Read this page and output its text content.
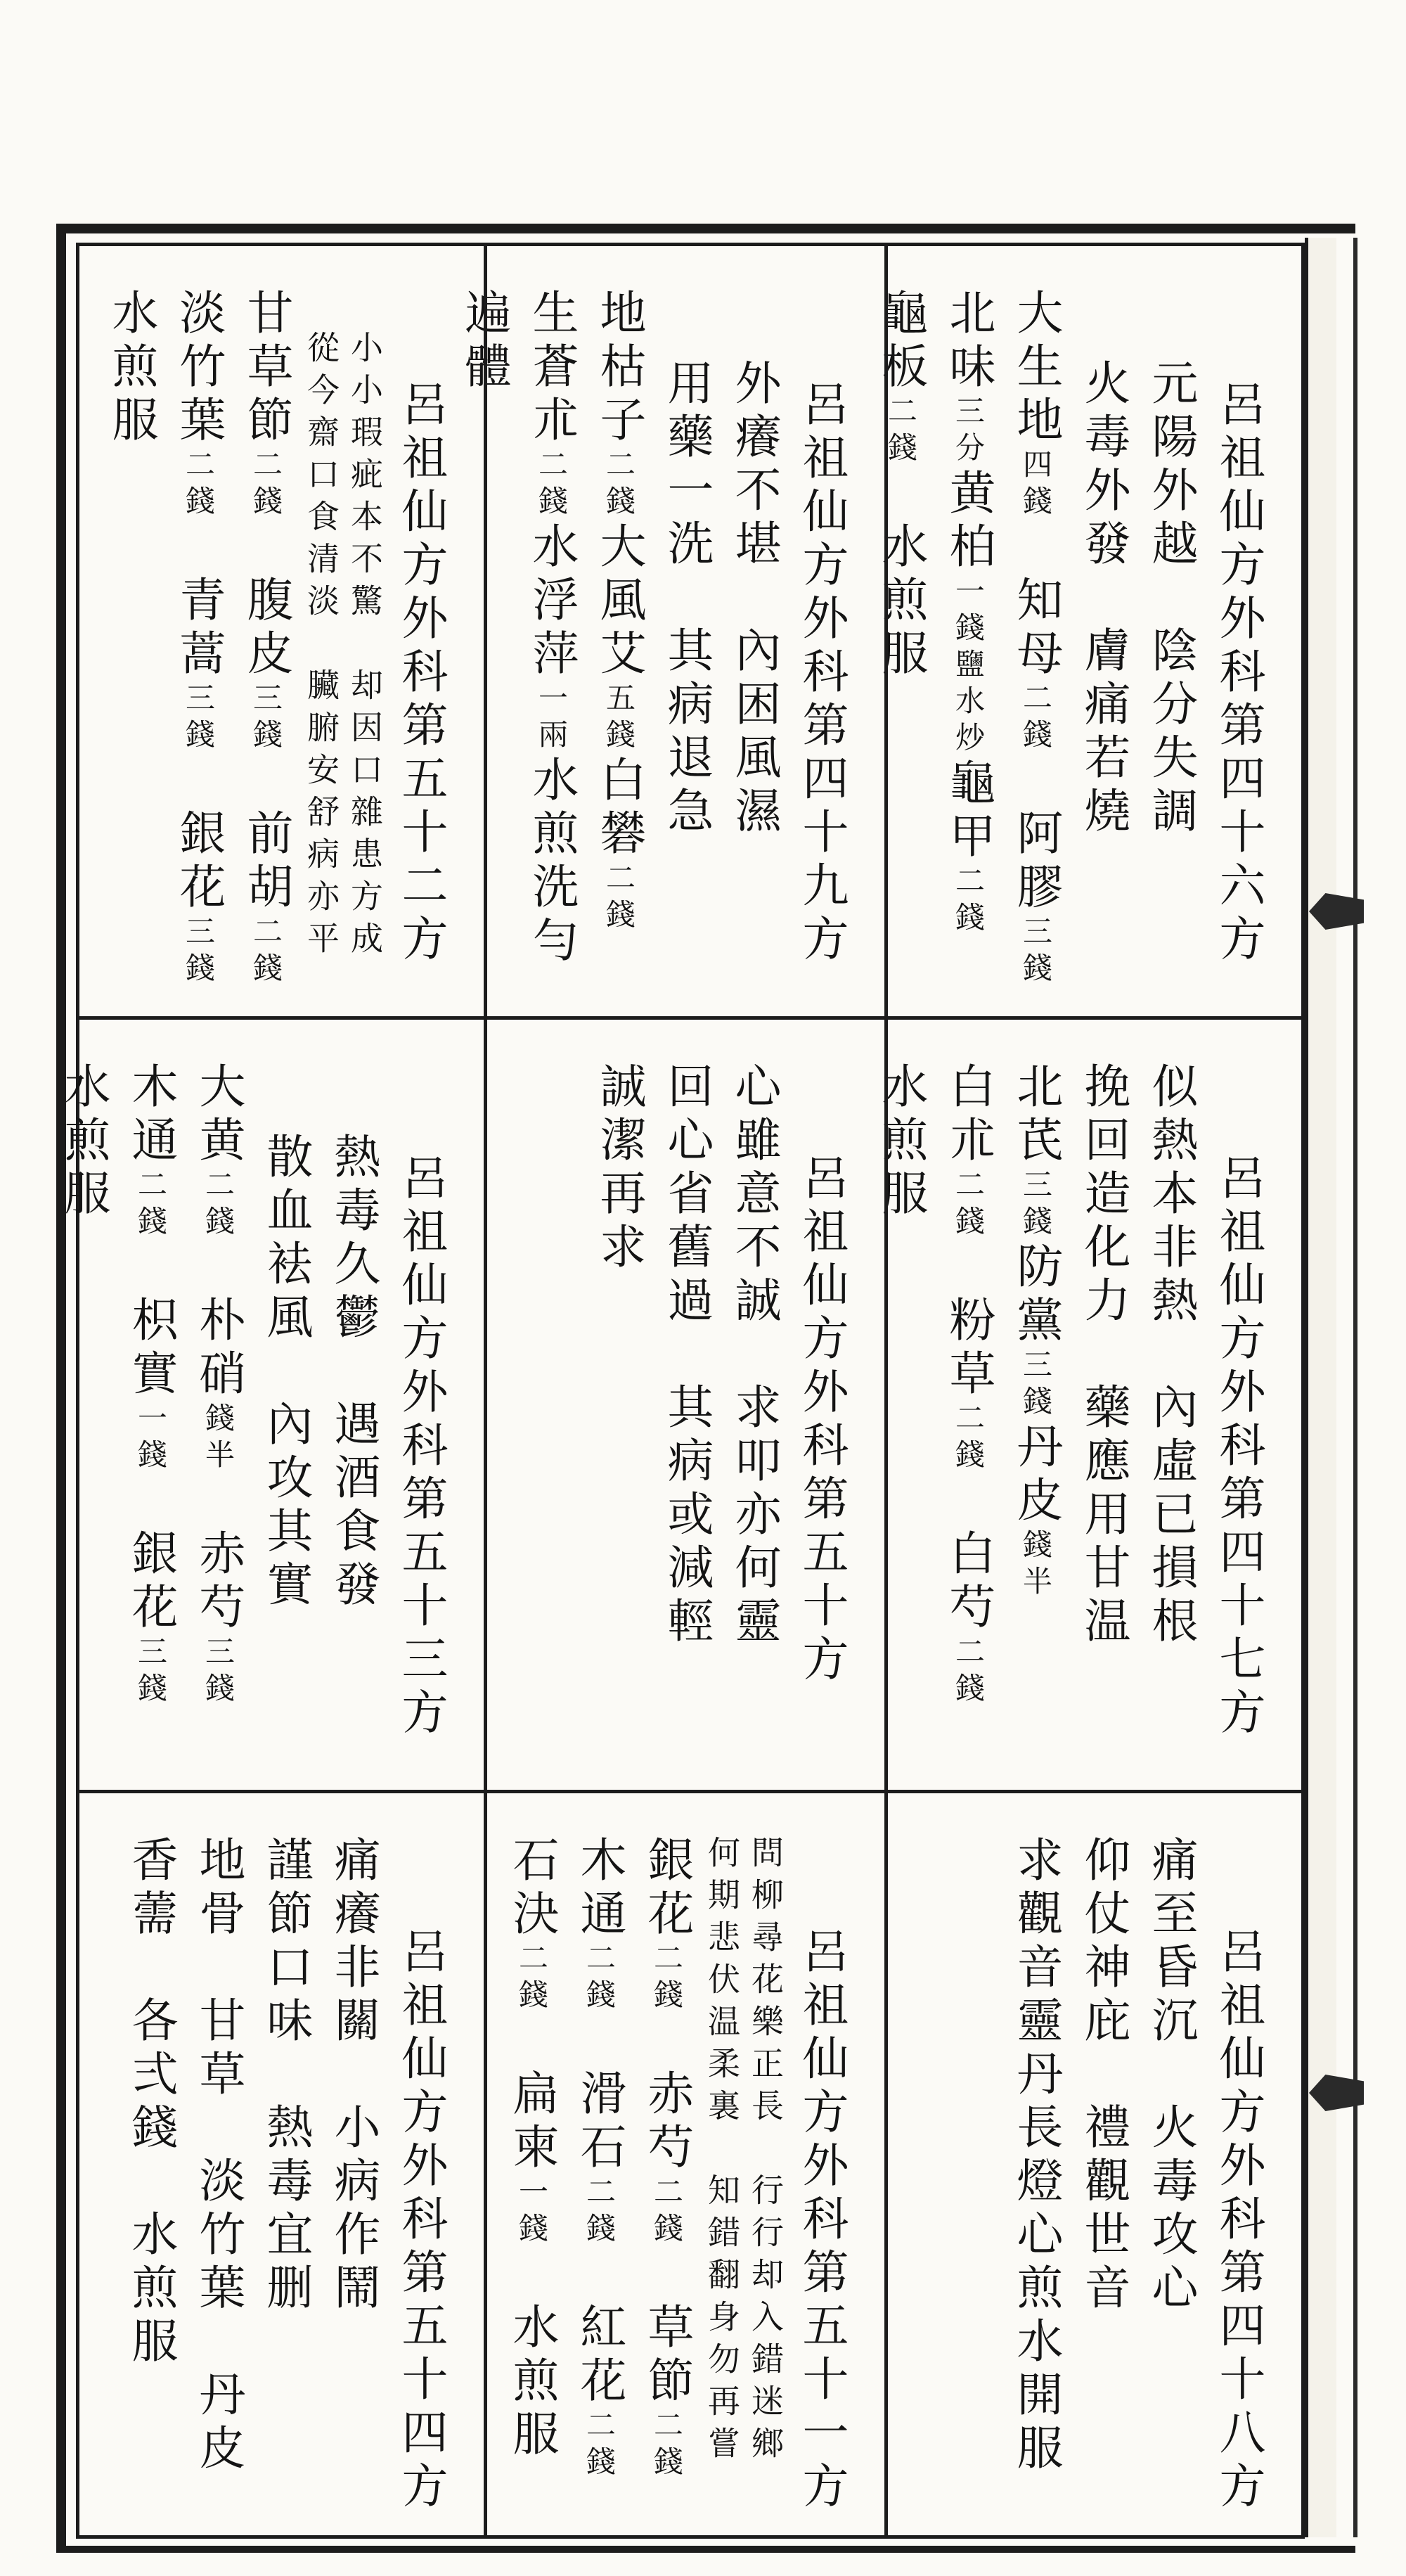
呂祖仙方外科第四十六方
元陽外越　陰分失調
火毒外發　膚痛若燒
大生地四錢　知母二錢　阿膠三錢
北味三分黄柏一錢鹽水炒龜甲二錢
龜板二錢　水煎服
呂祖仙方外科第四十九方
外癢不堪　內困風濕
用藥一洗　其病退急
地枯子二錢大風艾五錢白礬二錢
生蒼朮二錢水浮萍一兩水煎洗勻
遍體
呂祖仙方外科第五十二方
小小瑕疵本不驚　却因口雜患方成
從今齋口食清淡　臟腑安舒病亦平
甘草節二錢　腹皮三錢　前胡二錢
淡竹葉二錢　青蒿三錢　銀花三錢
水煎服
呂祖仙方外科第四十七方
似熱本非熱　內虛已損根
挽回造化力　藥應用甘温
北芪三錢防黨三錢丹皮錢半
白朮二錢　粉草二錢　白芍二錢
水煎服
呂祖仙方外科第五十方
心雖意不誠　求叩亦何靈
回心省舊過　其病或減輕
誠潔再求
呂祖仙方外科第五十三方
熱毒久鬱　遇酒食發
散血袪風　內攻其實
大黄二錢　朴硝錢半　赤芍三錢
木通二錢　枳實一錢　銀花三錢
水煎服
呂祖仙方外科第四十八方
痛至昏沉　火毒攻心
仰仗神庇　禮觀世音
求觀音靈丹長燈心煎水開服
呂祖仙方外科第五十一方
問柳尋花樂正長　行行却入錯迷鄉
何期悲伏温柔裏　知錯翻身勿再嘗
銀花二錢　赤芍二錢　草節二錢
木通二錢　滑石二錢　紅花二錢
石決二錢　扁柬一錢　水煎服
呂祖仙方外科第五十四方
痛癢非關　小病作鬧
謹節口味　熱毒宜删
地骨　甘草　淡竹葉　丹皮
香薷　各弍錢　水煎服
